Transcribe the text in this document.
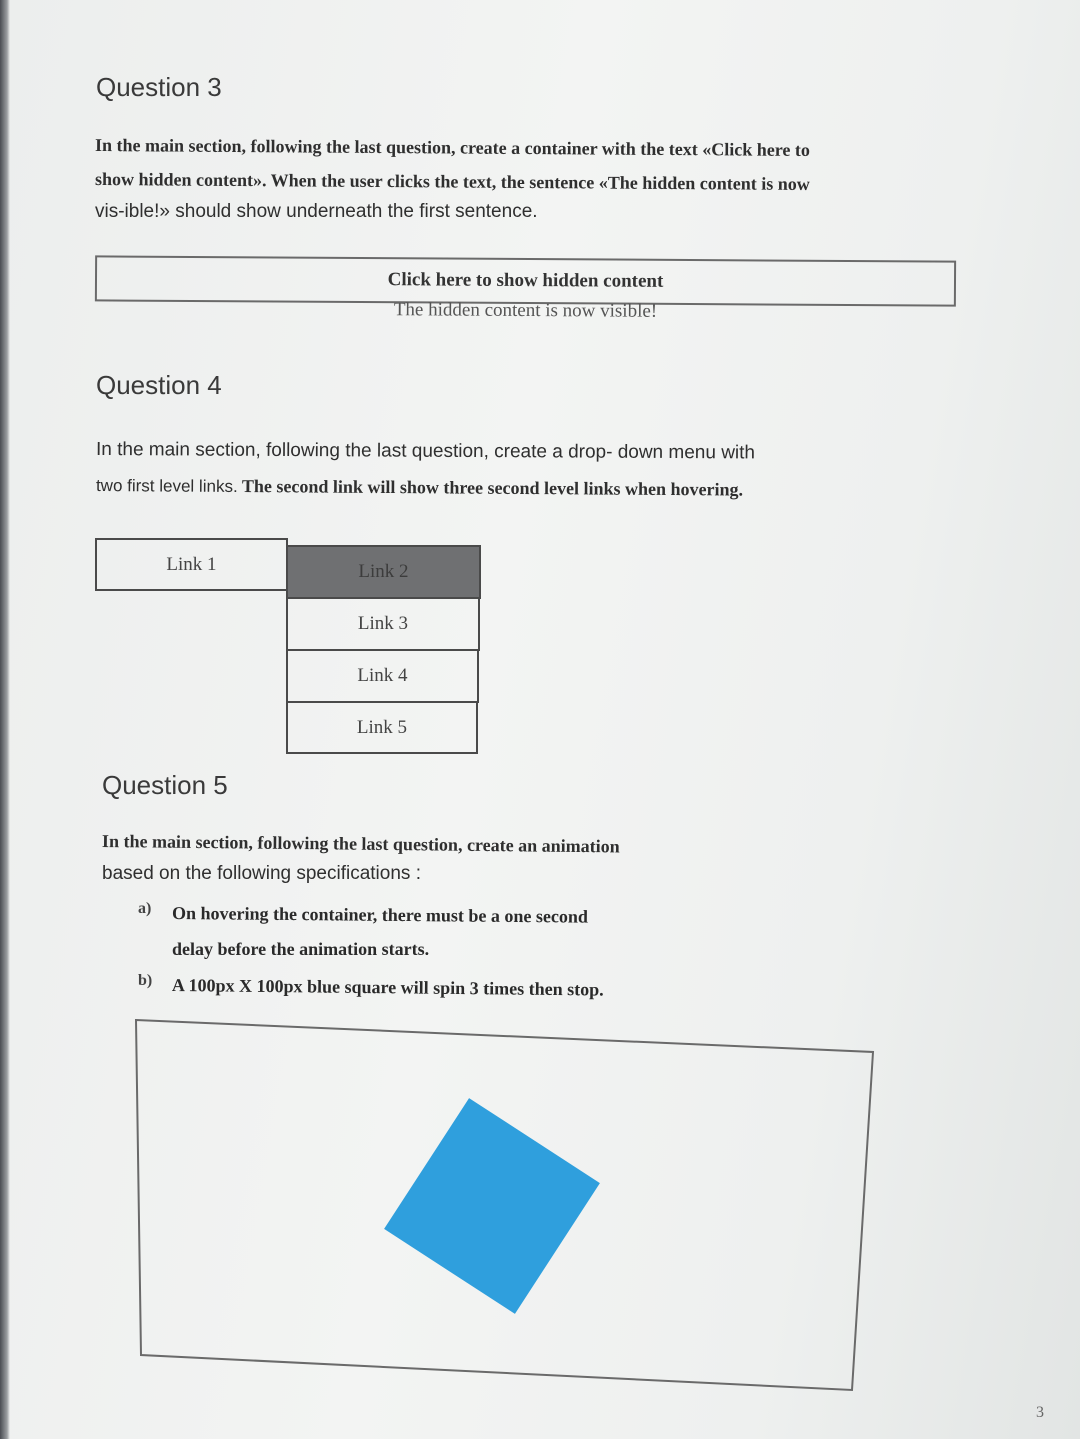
Question 3
In the main section, following the last question, create a container with the text «Click here to
show hidden content». When the user clicks the text, the sentence «The hidden content is now
vis-ible!» should show underneath the first sentence.
Click here to show hidden content
The hidden content is now visible!
Question 4
In the main section, following the last question, create a drop- down menu with
two first level links. The second link will show three second level links when hovering.
Link 1	Link 2
Link 3
Link 4
Link 5
Question 5
In the main section, following the last question, create an animation
based on the following specifications :
a) On hovering the container, there must be a one second
delay before the animation starts.
b) A 100px X 100px blue square will spin 3 times then stop.
3
